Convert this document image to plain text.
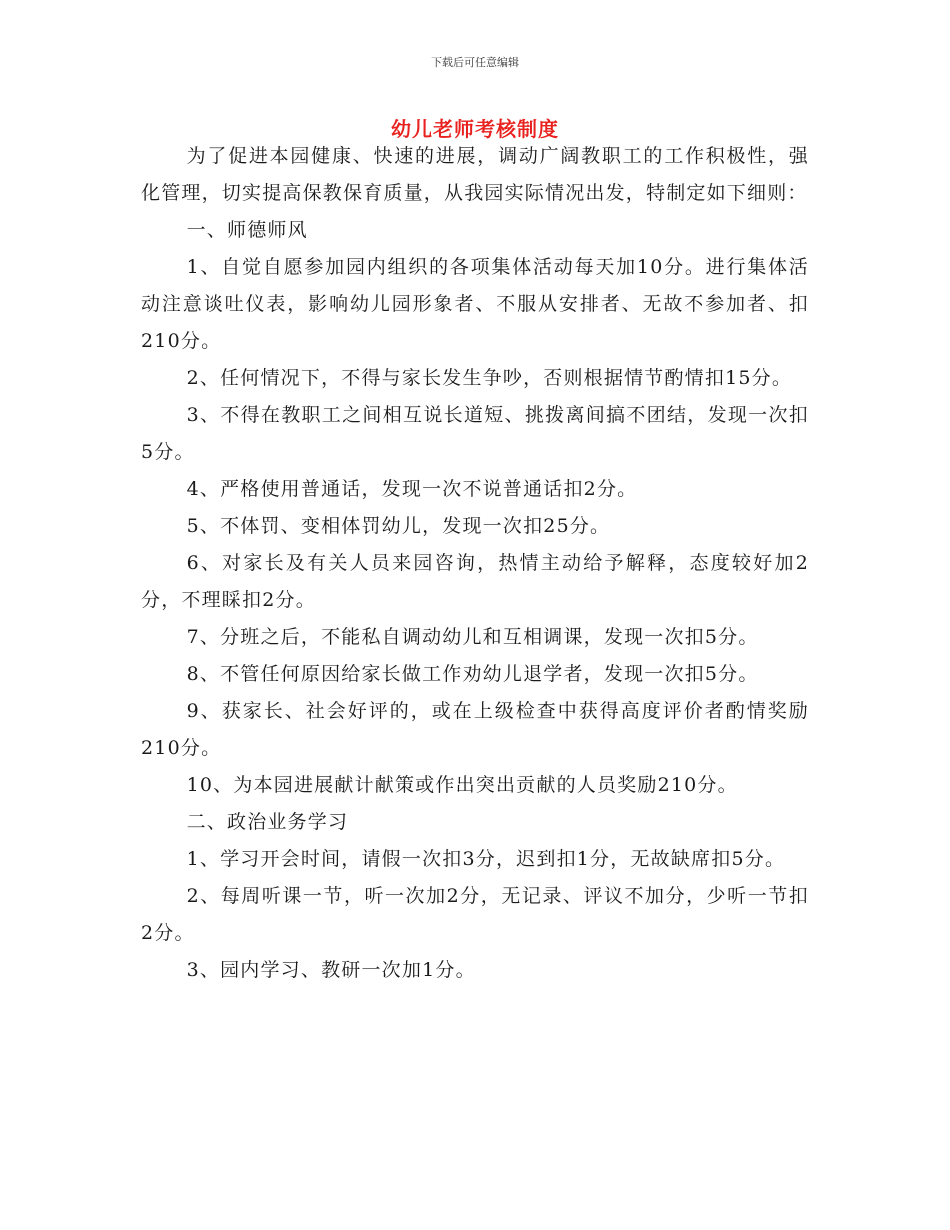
下载后可任意编辑
幼儿老师考核制度

为了促进本园健康、快速的进展，调动广阔教职工的工作积极性，强化管理，切实提高保教保育质量，从我园实际情况出发，特制定如下细则：

一、师德师风

1、自觉自愿参加园内组织的各项集体活动每天加10分。进行集体活动注意谈吐仪表，影响幼儿园形象者、不服从安排者、无故不参加者、扣210分。

2、任何情况下，不得与家长发生争吵，否则根据情节酌情扣15分。

3、不得在教职工之间相互说长道短、挑拨离间搞不团结，发现一次扣5分。

4、严格使用普通话，发现一次不说普通话扣2分。

5、不体罚、变相体罚幼儿，发现一次扣25分。

6、对家长及有关人员来园咨询，热情主动给予解释，态度较好加2分，不理睬扣2分。

7、分班之后，不能私自调动幼儿和互相调课，发现一次扣5分。

8、不管任何原因给家长做工作劝幼儿退学者，发现一次扣5分。

9、获家长、社会好评的，或在上级检查中获得高度评价者酌情奖励210分。

10、为本园进展献计献策或作出突出贡献的人员奖励210分。

二、政治业务学习

1、学习开会时间，请假一次扣3分，迟到扣1分，无故缺席扣5分。

2、每周听课一节，听一次加2分，无记录、评议不加分，少听一节扣2分。

3、园内学习、教研一次加1分。
